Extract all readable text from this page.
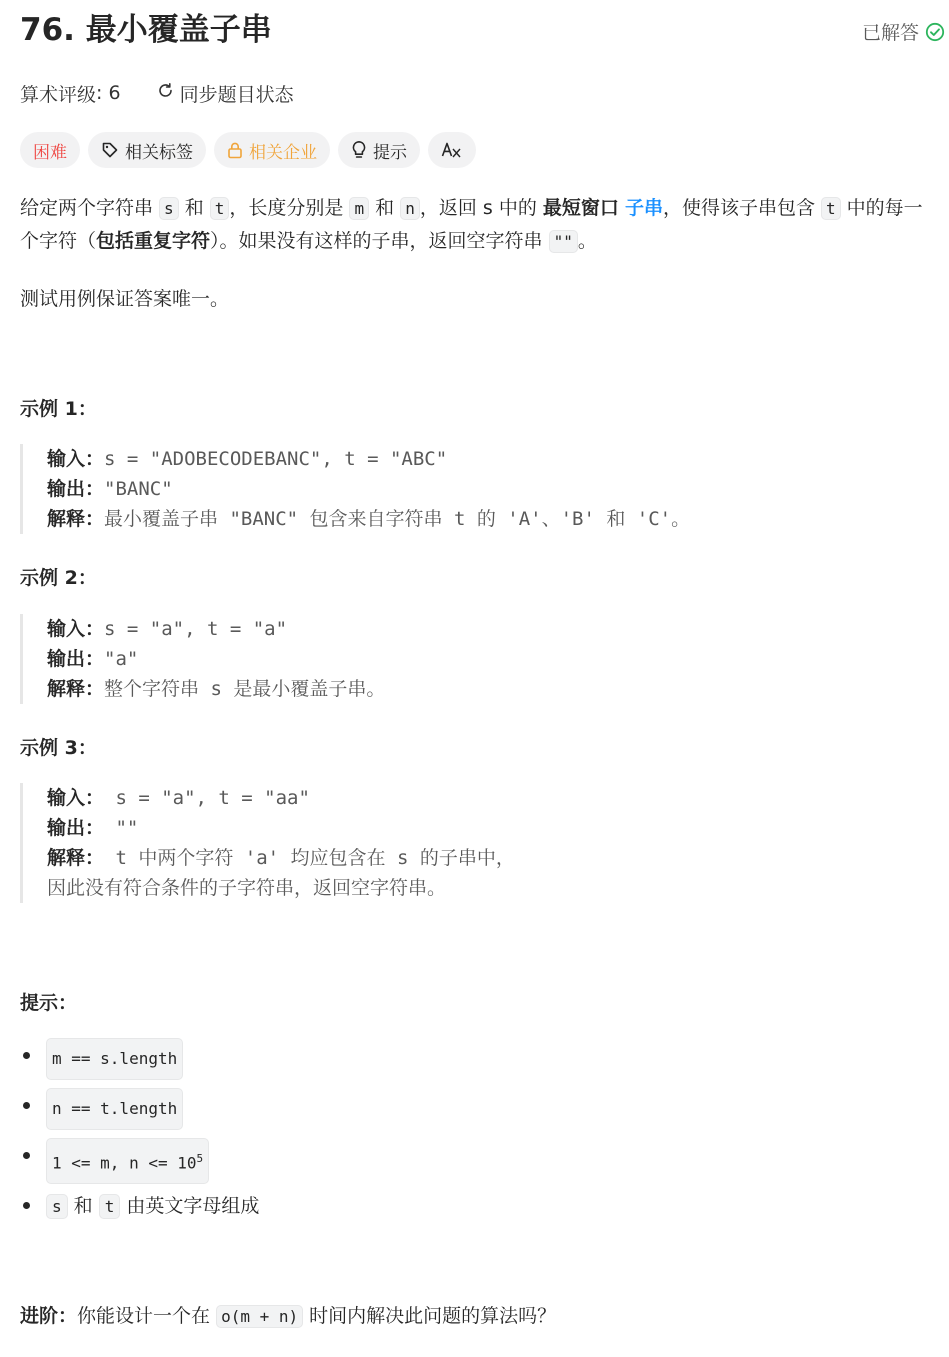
76. 最小覆盖子串	已解答
算术评级 : 6	同步题目状态
困难	相关标签	相关企业	提示

给定两个字符串 s 和 t ，长度分别是 m 和 n ，返回 s 中的 最短窗口 子串，使得该子串包含 t 中的每一个字符（包括重复字符）。如果没有这样的子串，返回空字符串 "" 。

测试用例保证答案唯一。
示例 1：
输入：s = "ADOBECODEBANC", t = "ABC"
输出："BANC"
解释：最小覆盖子串 "BANC" 包含来自字符串 t 的 'A'、'B' 和 'C'。
示例 2：
输入：s = "a", t = "a"
输出："a"
解释：整个字符串 s 是最小覆盖子串。
示例 3：
输入： s = "a", t = "aa"
输出： ""
解释： t 中两个字符 'a' 均应包含在 s 的子串中，
因此没有符合条件的子字符串，返回空字符串。
提示：
m == s.length
n == t.length
1 <= m, $n <= 10^5$
s 和 t 由英文字母组成
进阶：你能设计一个在 o(m + n) 时间内解决此问题的算法吗？
